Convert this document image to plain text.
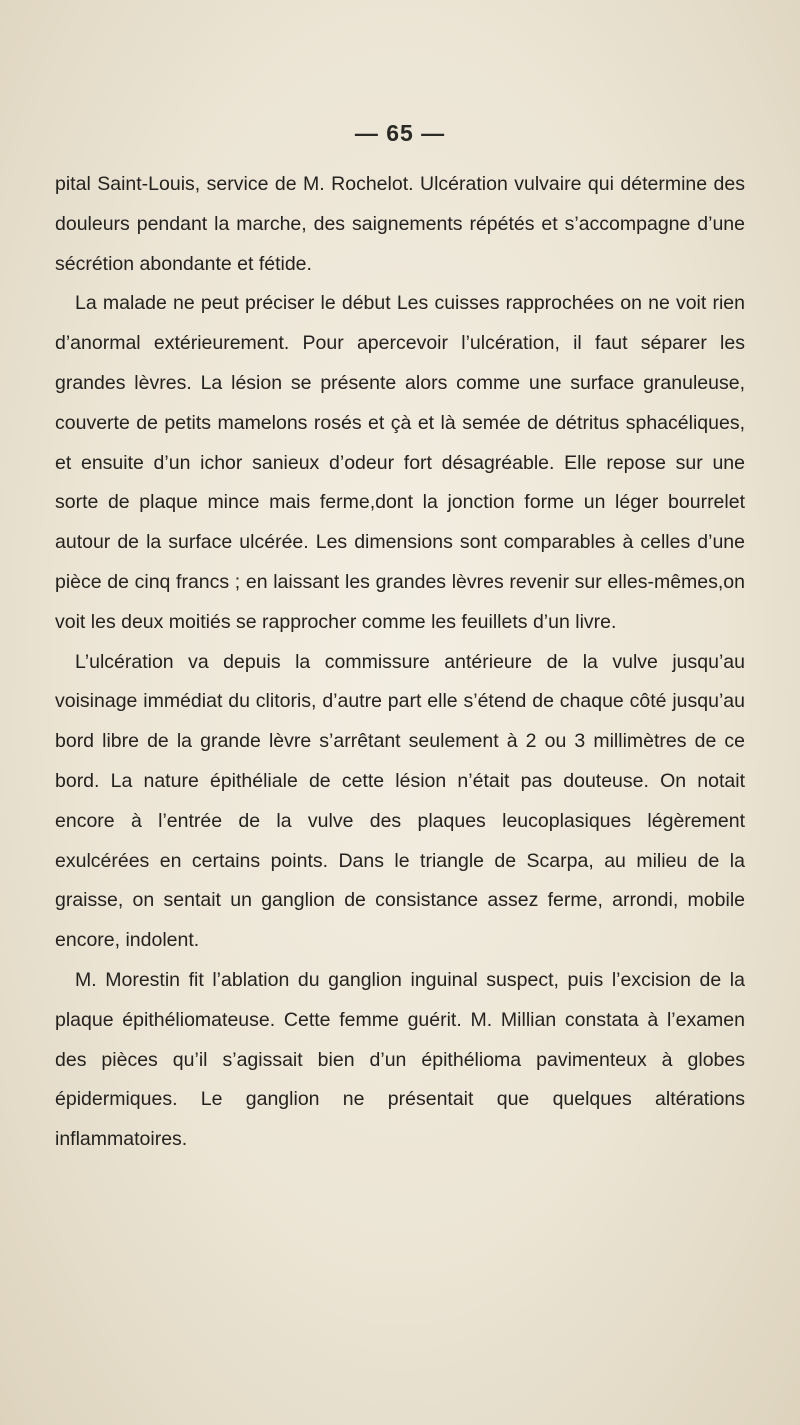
— 65 —

pital Saint-Louis, service de M. Rochelot. Ulcération vulvaire qui détermine des douleurs pendant la marche, des saignements répétés et s’accompagne d’une sécrétion abondante et fétide.

La malade ne peut préciser le début Les cuisses rapprochées on ne voit rien d’anormal extérieurement. Pour apercevoir l’ulcération, il faut séparer les grandes lèvres. La lésion se présente alors comme une surface granuleuse, couverte de petits mamelons rosés et çà et là semée de détritus sphacéliques, et ensuite d’un ichor sanieux d’odeur fort désagréable. Elle repose sur une sorte de plaque mince mais ferme,dont la jonction forme un léger bourrelet autour de la surface ulcérée. Les dimensions sont comparables à celles d’une pièce de cinq francs ; en laissant les grandes lèvres revenir sur elles-mêmes,on voit les deux moitiés se rapprocher comme les feuillets d’un livre.

L’ulcération va depuis la commissure antérieure de la vulve jusqu’au voisinage immédiat du clitoris, d’autre part elle s’étend de chaque côté jusqu’au bord libre de la grande lèvre s’arrêtant seulement à 2 ou 3 millimètres de ce bord. La nature épithéliale de cette lésion n’était pas douteuse. On notait encore à l’entrée de la vulve des plaques leucoplasiques légèrement exulcérées en certains points. Dans le triangle de Scarpa, au milieu de la graisse, on sentait un ganglion de consistance assez ferme, arrondi, mobile encore, indolent.

M. Morestin fit l’ablation du ganglion inguinal suspect, puis l’excision de la plaque épithéliomateuse. Cette femme guérit. M. Millian constata à l’examen des pièces qu’il s’agissait bien d’un épithélioma pavimenteux à globes épidermiques. Le ganglion ne présentait que quelques altérations inflammatoires.
